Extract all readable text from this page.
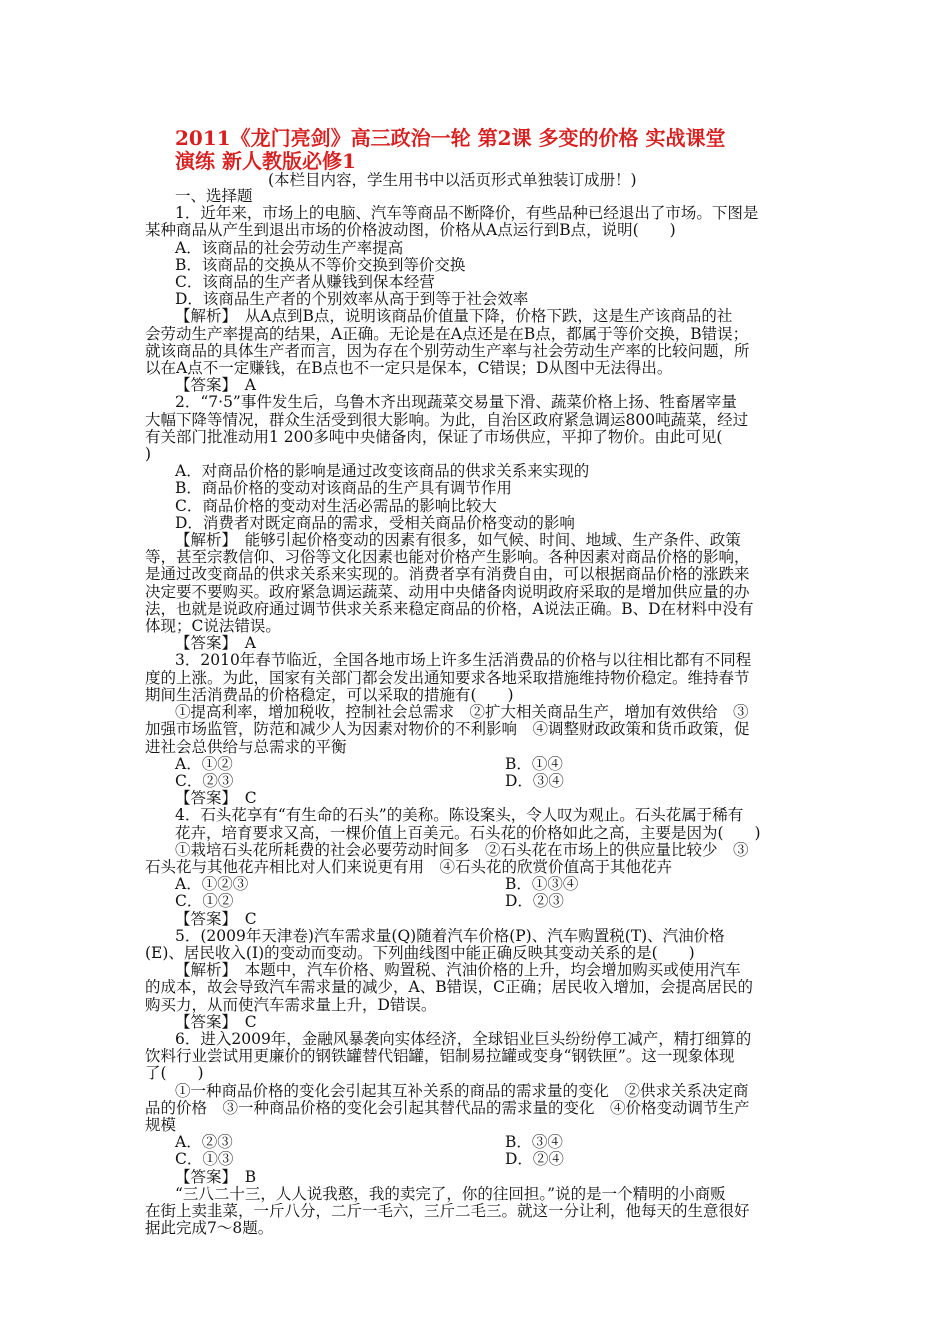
2011《龙门亮剑》高三政治一轮 第2课 多变的价格 实战课堂
演练 新人教版必修1
(本栏目内容，学生用书中以活页形式单独装订成册！)

一、选择题

1．近年来，市场上的电脑、汽车等商品不断降价，有些品种已经退出了市场。下图是

某种商品从产生到退出市场的价格波动图，价格从A点运行到B点，说明(　　)

A．该商品的社会劳动生产率提高

B．该商品的交换从不等价交换到等价交换

C．该商品的生产者从赚钱到保本经营

D．该商品生产者的个别效率从高于到等于社会效率

【解析】　从A点到B点，说明该商品价值量下降，价格下跌，这是生产该商品的社

会劳动生产率提高的结果，A正确。无论是在A点还是在B点，都属于等价交换，B错误；

就该商品的具体生产者而言，因为存在个别劳动生产率与社会劳动生产率的比较问题，所

以在A点不一定赚钱，在B点也不一定只是保本，C错误；D从图中无法得出。

【答案】　A

2．“7·5”事件发生后，乌鲁木齐出现蔬菜交易量下滑、蔬菜价格上扬、牲畜屠宰量

大幅下降等情况，群众生活受到很大影响。为此，自治区政府紧急调运800吨蔬菜，经过

有关部门批准动用1 200多吨中央储备肉，保证了市场供应，平抑了物价。由此可见(

)

A．对商品价格的影响是通过改变该商品的供求关系来实现的

B．商品价格的变动对该商品的生产具有调节作用

C．商品价格的变动对生活必需品的影响比较大

D．消费者对既定商品的需求，受相关商品价格变动的影响

【解析】　能够引起价格变动的因素有很多，如气候、时间、地域、生产条件、政策

等，甚至宗教信仰、习俗等文化因素也能对价格产生影响。各种因素对商品价格的影响，

是通过改变商品的供求关系来实现的。消费者享有消费自由，可以根据商品价格的涨跌来

决定要不要购买。政府紧急调运蔬菜、动用中央储备肉说明政府采取的是增加供应量的办

法，也就是说政府通过调节供求关系来稳定商品的价格，A说法正确。B、D在材料中没有

体现；C说法错误。

【答案】　A

3．2010年春节临近，全国各地市场上许多生活消费品的价格与以往相比都有不同程

度的上涨。为此，国家有关部门都会发出通知要求各地采取措施维持物价稳定。维持春节

期间生活消费品的价格稳定，可以采取的措施有(　　)

①提高利率，增加税收，控制社会总需求　②扩大相关商品生产，增加有效供给　③

加强市场监管，防范和减少人为因素对物价的不利影响　④调整财政政策和货币政策，促

进社会总供给与总需求的平衡

A．①②	B．①④

C．②③	D．③④

【答案】　C

4．石头花享有“有生命的石头”的美称。陈设案头，令人叹为观止。石头花属于稀有

花卉，培育要求又高，一棵价值上百美元。石头花的价格如此之高，主要是因为(　　)

①栽培石头花所耗费的社会必要劳动时间多　②石头花在市场上的供应量比较少　③

石头花与其他花卉相比对人们来说更有用　④石头花的欣赏价值高于其他花卉

A．①②③	B．①③④

C．①②	D．②③

【答案】　C

5．(2009年天津卷)汽车需求量(Q)随着汽车价格(P)、汽车购置税(T)、汽油价格

(E)、居民收入(I)的变动而变动。下列曲线图中能正确反映其变动关系的是(　　)

【解析】　本题中，汽车价格、购置税、汽油价格的上升，均会增加购买或使用汽车

的成本，故会导致汽车需求量的减少，A、B错误，C正确；居民收入增加，会提高居民的

购买力，从而使汽车需求量上升，D错误。

【答案】　C

6．进入2009年，金融风暴袭向实体经济，全球铝业巨头纷纷停工减产，精打细算的

饮料行业尝试用更廉价的钢铁罐替代铝罐，铝制易拉罐或变身“钢铁匣”。这一现象体现

了(　　)

①一种商品价格的变化会引起其互补关系的商品的需求量的变化　②供求关系决定商

品的价格　③一种商品价格的变化会引起其替代品的需求量的变化　④价格变动调节生产

规模

A．②③	B．③④

C．①③	D．②④

【答案】　B

“三八二十三，人人说我憨，我的卖完了，你的往回担。”说的是一个精明的小商贩

在街上卖韭菜，一斤八分，二斤一毛六，三斤二毛三。就这一分让利，他每天的生意很好

据此完成7～8题。
